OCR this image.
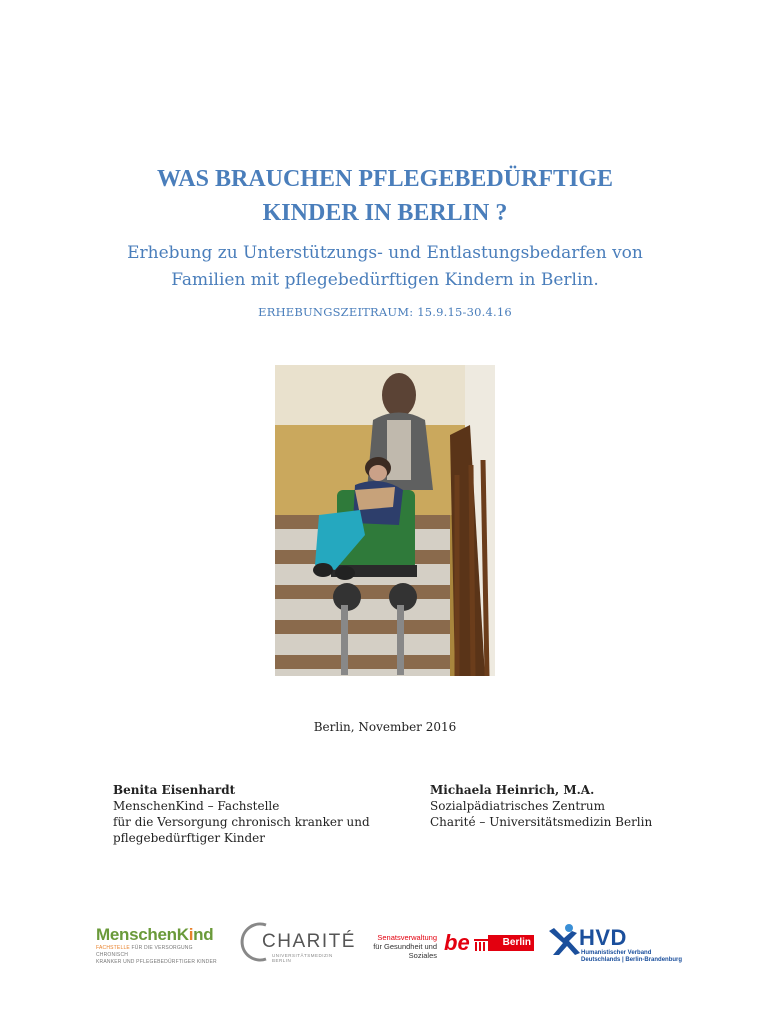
WAS BRAUCHEN PFLEGEBEDÜRFTIGE
KINDER IN BERLIN ?
Erhebung zu Unterstützungs- und Entlastungsbedarfen von
Familien mit pflegebedürftigen Kindern in Berlin.
ERHEBUNGSZEITRAUM: 15.9.15-30.4.16
Berlin, November 2016
Benita Eisenhardt
MenschenKind – Fachstelle
für die Versorgung chronisch kranker und
pflegebedürftiger Kinder
Michaela Heinrich, M.A.
Sozialpädiatrisches Zentrum
Charité – Universitätsmedizin Berlin
MenschenKind
FACHSTELLE FÜR DIE VERSORGUNG CHRONISCH
KRANKER UND PFLEGEBEDÜRFTIGER KINDER
CHARITÉ
UNIVERSITÄTSMEDIZIN BERLIN
Senatsverwaltung
für Gesundheit und Soziales
be	Berlin HVD
Humanistischer Verband
Deutschlands | Berlin-Brandenburg
